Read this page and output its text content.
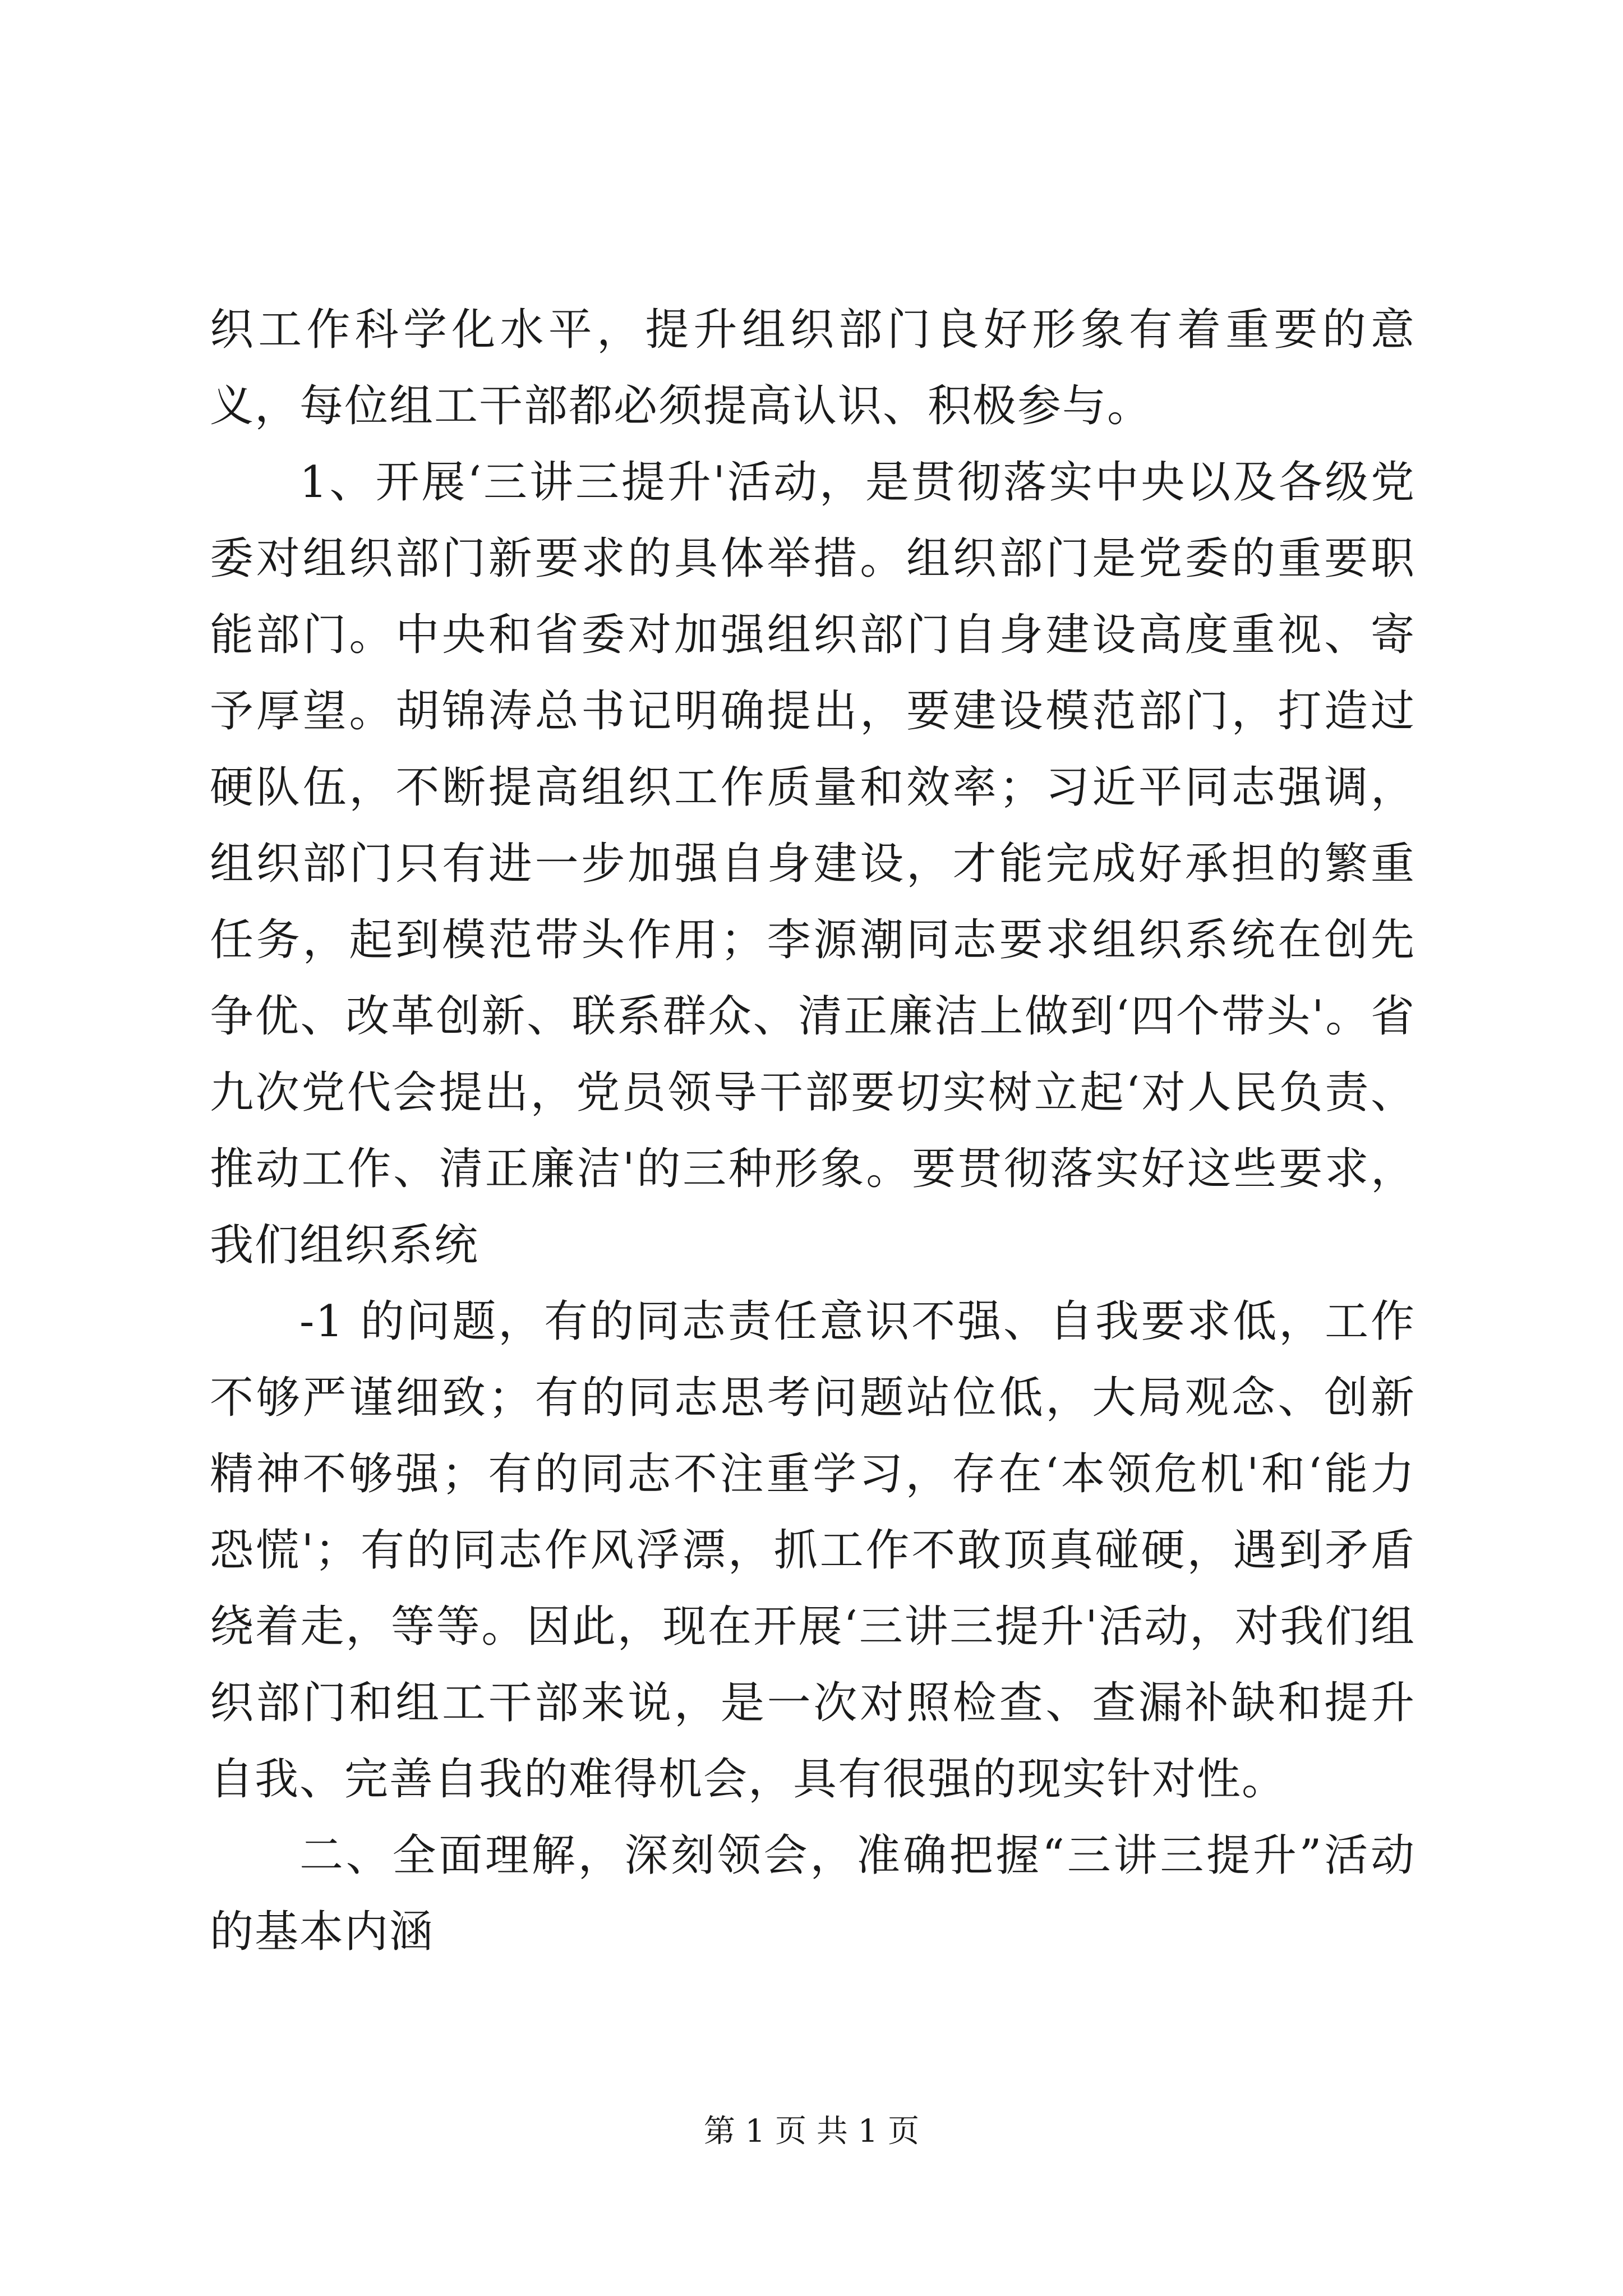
织工作科学化水平，提升组织部门良好形象有着重要的意义，每位组工干部都必须提高认识、积极参与。

1、开展‘三讲三提升'活动，是贯彻落实中央以及各级党委对组织部门新要求的具体举措。组织部门是党委的重要职能部门。中央和省委对加强组织部门自身建设高度重视、寄予厚望。胡锦涛总书记明确提出，要建设模范部门，打造过硬队伍，不断提高组织工作质量和效率；习近平同志强调，组织部门只有进一步加强自身建设，才能完成好承担的繁重任务，起到模范带头作用；李源潮同志要求组织系统在创先争优、改革创新、联系群众、清正廉洁上做到‘四个带头'。省九次党代会提出，党员领导干部要切实树立起‘对人民负责、推动工作、清正廉洁'的三种形象。要贯彻落实好这些要求，我们组织系统

-1 的问题，有的同志责任意识不强、自我要求低，工作不够严谨细致；有的同志思考问题站位低，大局观念、创新精神不够强；有的同志不注重学习，存在‘本领危机'和‘能力恐慌'；有的同志作风浮漂，抓工作不敢顶真碰硬，遇到矛盾绕着走，等等。因此，现在开展‘三讲三提升'活动，对我们组织部门和组工干部来说，是一次对照检查、查漏补缺和提升自我、完善自我的难得机会，具有很强的现实针对性。

二、全面理解，深刻领会，准确把握“三讲三提升”活动的基本内涵

第 1 页 共 1 页
